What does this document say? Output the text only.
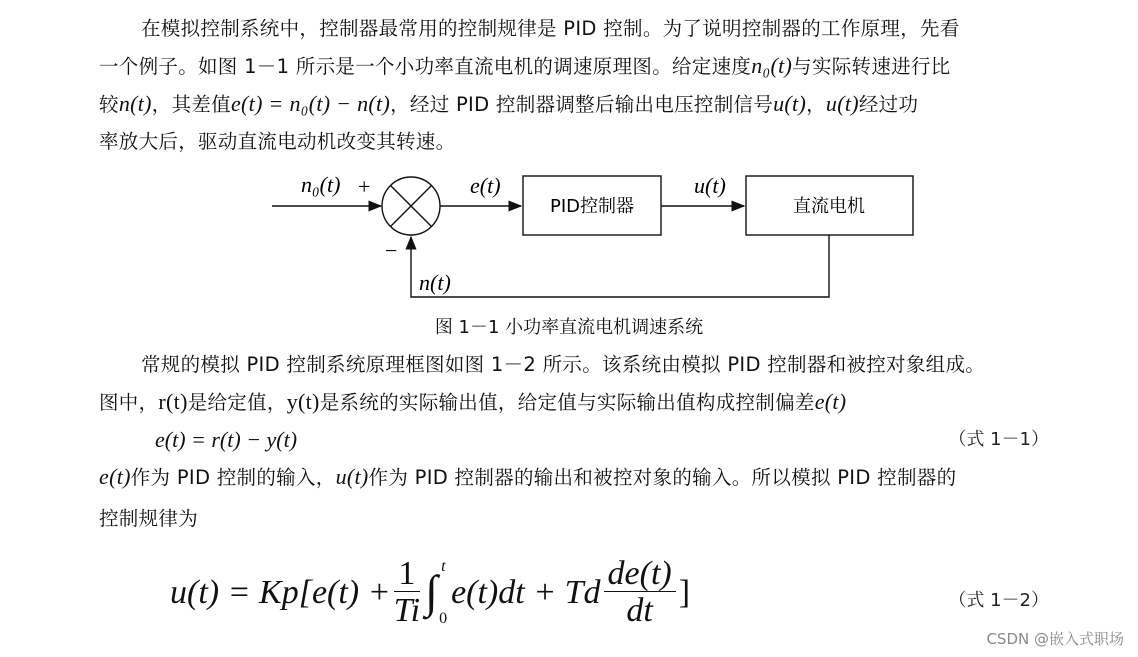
在模拟控制系统中，控制器最常用的控制规律是 PID 控制。为了说明控制器的工作原理，先看
一个例子。如图 1－1 所示是一个小功率直流电机的调速原理图。给定速度n₀(t)与实际转速进行比
较n(t)，其差值e(t) = n₀(t) − n(t)，经过 PID 控制器调整后输出电压控制信号u(t)，u(t)经过功
率放大后，驱动直流电动机改变其转速。
n₀(t) +
−
e(t)
PID控制器
u(t)
直流电机
n(t)
图 1－1 小功率直流电机调速系统
常规的模拟 PID 控制系统原理框图如图 1－2 所示。该系统由模拟 PID 控制器和被控对象组成。
图中，r(t)是给定值，y(t)是系统的实际输出值，给定值与实际输出值构成控制偏差e(t)
e(t) = r(t) − y(t)	（式 1－1）
e(t)作为 PID 控制的输入，u(t)作为 PID 控制器的输出和被控对象的输入。所以模拟 PID 控制器的
控制规律为
$u(t) = Kp[e(t) + \frac{1}{Ti}$ ∫ t
0
e(t)dt + Td $\frac{de(t)}{dt}$ ]	（式 1－2）
CSDN @嵌入式职场
